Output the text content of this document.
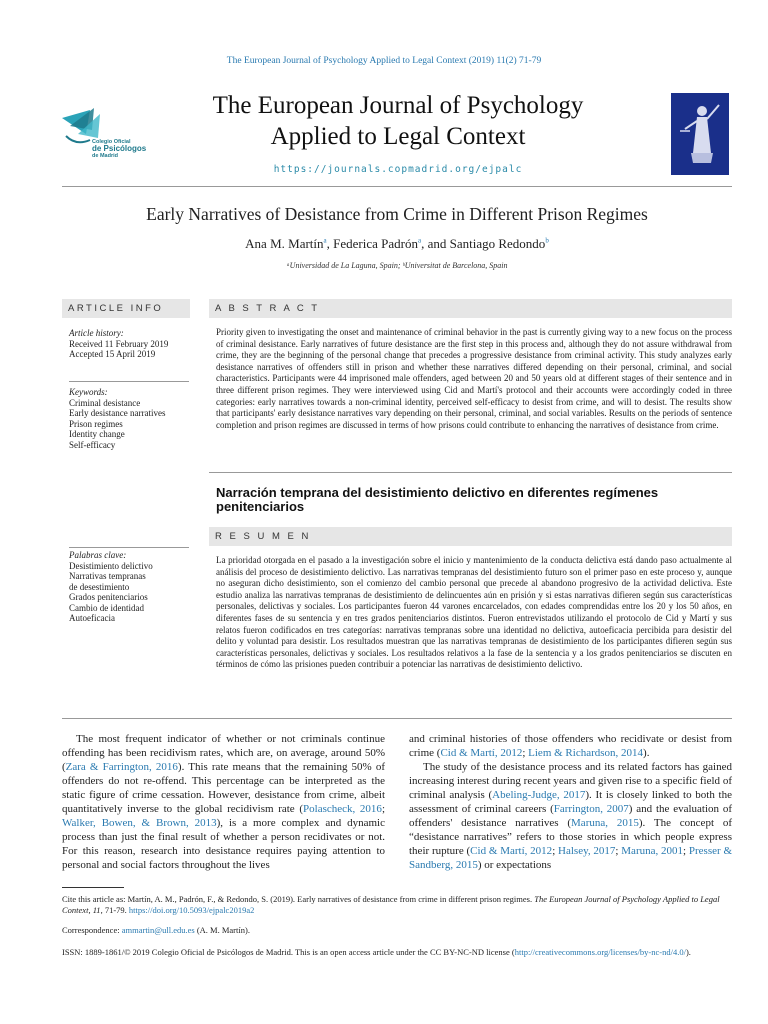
The European Journal of Psychology Applied to Legal Context (2019) 11(2) 71-79
Colegio Oficial
de Psicólogos
de Madrid
The European Journal of Psychology
Applied to Legal Context
https://journals.copmadrid.org/ejpalc
Early Narratives of Desistance from Crime in Different Prison Regimes
Ana M. Martín$^a$, Federica Padrón$^a$, and Santiago Redondo$^b$
ᵃUniversidad de La Laguna, Spain; ᵇUniversitat de Barcelona, Spain
ARTICLE INFO
Article history:
Received 11 February 2019
Accepted 15 April 2019
Keywords:
Criminal desistance
Early desistance narratives
Prison regimes
Identity change
Self-efficacy
Palabras clave:
Desistimiento delictivo
Narrativas tempranas
de desestimiento
Grados penitenciarios
Cambio de identidad
Autoeficacia
A B S T R A C T
Priority given to investigating the onset and maintenance of criminal behavior in the past is currently giving way to a new focus on the process of criminal desistance. Early narratives of future desistance are the first step in this process and, although they do not assure withdrawal from crime, they are the beginning of the personal change that precedes a progressive desistance from criminal activity. This study analyzes early desistance narratives of offenders still in prison and whether these narratives differed depending on their personal, criminal, and social characteristics. Participants were 44 imprisoned male offenders, aged between 20 and 50 years old at different stages of their sentence and in three different prison regimes. They were interviewed using Cid and Martí's protocol and their accounts were accordingly coded in three categories: early narratives towards a non-criminal identity, perceived self-efficacy to desist from crime, and will to desist. The results show that participants' early desistance narratives vary depending on their personal, criminal, and social variables. Results on the periods of sentence completion and prison regimes are discussed in terms of how prisons could contribute to enhancing the narratives of desistance from crime.
Narración temprana del desistimiento delictivo en diferentes regímenes penitenciarios
R E S U M E N
La prioridad otorgada en el pasado a la investigación sobre el inicio y mantenimiento de la conducta delictiva está dando paso actualmente al análisis del proceso de desistimiento delictivo. Las narrativas tempranas del desistimiento futuro son el primer paso en este proceso y, aunque no aseguran dicho desistimiento, son el comienzo del cambio personal que precede al abandono progresivo de la actividad delictiva. Este estudio analiza las narrativas tempranas de desistimiento de delincuentes aún en prisión y si estas narrativas difieren según sus características personales, delictivas y sociales. Los participantes fueron 44 varones encarcelados, con edades comprendidas entre los 20 y los 50 años, en diferentes fases de su sentencia y en tres grados penitenciarios distintos. Fueron entrevistados utilizando el protocolo de Cid y Martí y sus relatos fueron codificados en tres categorías: narrativas tempranas sobre una identidad no delictiva, autoeficacia percibida para desistir del delito y voluntad para desistir. Los resultados muestran que las narrativas tempranas de desistimiento de los participantes difieren según sus características personales, delictivas y sociales. Los resultados relativos a la fase de la sentencia y a los grados penitenciarios se discuten en términos de cómo las prisiones pueden contribuir a potenciar las narrativas de desistimiento delictivo.

The most frequent indicator of whether or not criminals continue offending has been recidivism rates, which are, on average, around 50% (Zara & Farrington, 2016). This rate means that the remaining 50% of offenders do not re-offend. This percentage can be interpreted as the static figure of crime cessation. However, desistance from crime, albeit quantitatively inverse to the global recidivism rate (Polascheck, 2016; Walker, Bowen, & Brown, 2013), is a more complex and dynamic process than just the final result of whether a person recidivates or not. For this reason, research into desistance requires paying attention to personal and social factors throughout the lives

and criminal histories of those offenders who recidivate or desist from crime (Cid & Martí, 2012; Liem & Richardson, 2014).

The study of the desistance process and its related factors has gained increasing interest during recent years and given rise to a specific field of criminal analysis (Abeling-Judge, 2017). It is closely linked to both the assessment of criminal careers (Farrington, 2007) and the evaluation of offenders' desistance narratives (Maruna, 2015). The concept of “desistance narratives” refers to those stories in which people express their rupture (Cid & Martí, 2012; Halsey, 2017; Maruna, 2001; Presser & Sandberg, 2015) or expectations

Cite this article as: Martín, A. M., Padrón, F., & Redondo, S. (2019). Early narratives of desistance from crime in different prison regimes. The European Journal of Psychology Applied to Legal Context, 11, 71-79. https://doi.org/10.5093/ejpalc2019a2
Correspondence: ammartin@ull.edu.es (A. M. Martín).
ISSN: 1889-1861/© 2019 Colegio Oficial de Psicólogos de Madrid. This is an open access article under the CC BY-NC-ND license (http://creativecommons.org/licenses/by-nc-nd/4.0/).
